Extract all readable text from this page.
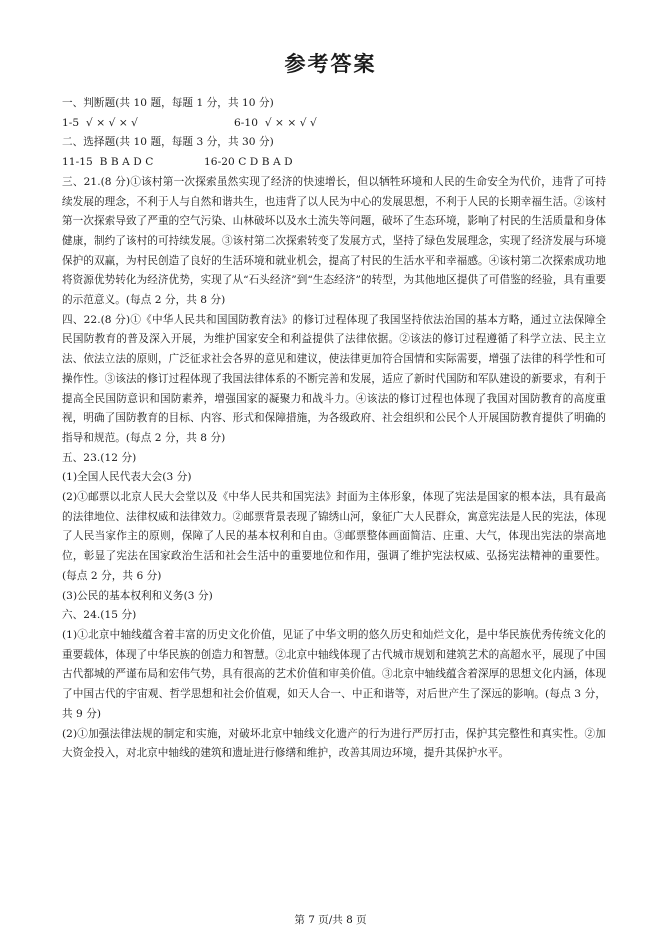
参考答案

一、判断题(共 10 题，每题 1 分，共 10 分)

1-5  √ × √ × √	6-10  √ × × √ √

二、选择题(共 10 题，每题 3 分，共 30 分)

11-15  B B A D C	16-20 C D B A D

三、21.(8 分)①该村第一次探索虽然实现了经济的快速增长，但以牺牲环境和人民的生命安全为代价，违背了可持续发展的理念，不利于人与自然和谐共生，也违背了以人民为中心的发展思想，不利于人民的长期幸福生活。②该村第一次探索导致了严重的空气污染、山林破坏以及水土流失等问题，破坏了生态环境，影响了村民的生活质量和身体健康，制约了该村的可持续发展。③该村第二次探索转变了发展方式，坚持了绿色发展理念，实现了经济发展与环境保护的双赢，为村民创造了良好的生活环境和就业机会，提高了村民的生活水平和幸福感。④该村第二次探索成功地将资源优势转化为经济优势，实现了从“石头经济”到“生态经济”的转型，为其他地区提供了可借鉴的经验，具有重要的示范意义。(每点 2 分，共 8 分)

四、22.(8 分)①《中华人民共和国国防教育法》的修订过程体现了我国坚持依法治国的基本方略，通过立法保障全民国防教育的普及深入开展，为维护国家安全和利益提供了法律依据。②该法的修订过程遵循了科学立法、民主立法、依法立法的原则，广泛征求社会各界的意见和建议，使法律更加符合国情和实际需要，增强了法律的科学性和可操作性。③该法的修订过程体现了我国法律体系的不断完善和发展，适应了新时代国防和军队建设的新要求，有利于提高全民国防意识和国防素养，增强国家的凝聚力和战斗力。④该法的修订过程也体现了我国对国防教育的高度重视，明确了国防教育的目标、内容、形式和保障措施，为各级政府、社会组织和公民个人开展国防教育提供了明确的指导和规范。(每点 2 分，共 8 分)

五、23.(12 分)

(1)全国人民代表大会(3 分)

(2)①邮票以北京人民大会堂以及《中华人民共和国宪法》封面为主体形象，体现了宪法是国家的根本法，具有最高的法律地位、法律权威和法律效力。②邮票背景表现了锦绣山河，象征广大人民群众，寓意宪法是人民的宪法，体现了人民当家作主的原则，保障了人民的基本权利和自由。③邮票整体画面简洁、庄重、大气，体现出宪法的崇高地位，彰显了宪法在国家政治生活和社会生活中的重要地位和作用，强调了维护宪法权威、弘扬宪法精神的重要性。(每点 2 分，共 6 分)

(3)公民的基本权利和义务(3 分)

六、24.(15 分)

(1)①北京中轴线蕴含着丰富的历史文化价值，见证了中华文明的悠久历史和灿烂文化，是中华民族优秀传统文化的重要载体，体现了中华民族的创造力和智慧。②北京中轴线体现了古代城市规划和建筑艺术的高超水平，展现了中国古代都城的严谨布局和宏伟气势，具有很高的艺术价值和审美价值。③北京中轴线蕴含着深厚的思想文化内涵，体现了中国古代的宇宙观、哲学思想和社会价值观，如天人合一、中正和谐等，对后世产生了深远的影响。(每点 3 分，共 9 分)

(2)①加强法律法规的制定和实施，对破坏北京中轴线文化遗产的行为进行严厉打击，保护其完整性和真实性。②加大资金投入，对北京中轴线的建筑和遗址进行修缮和维护，改善其周边环境，提升其保护水平。

第 7 页/共 8 页
